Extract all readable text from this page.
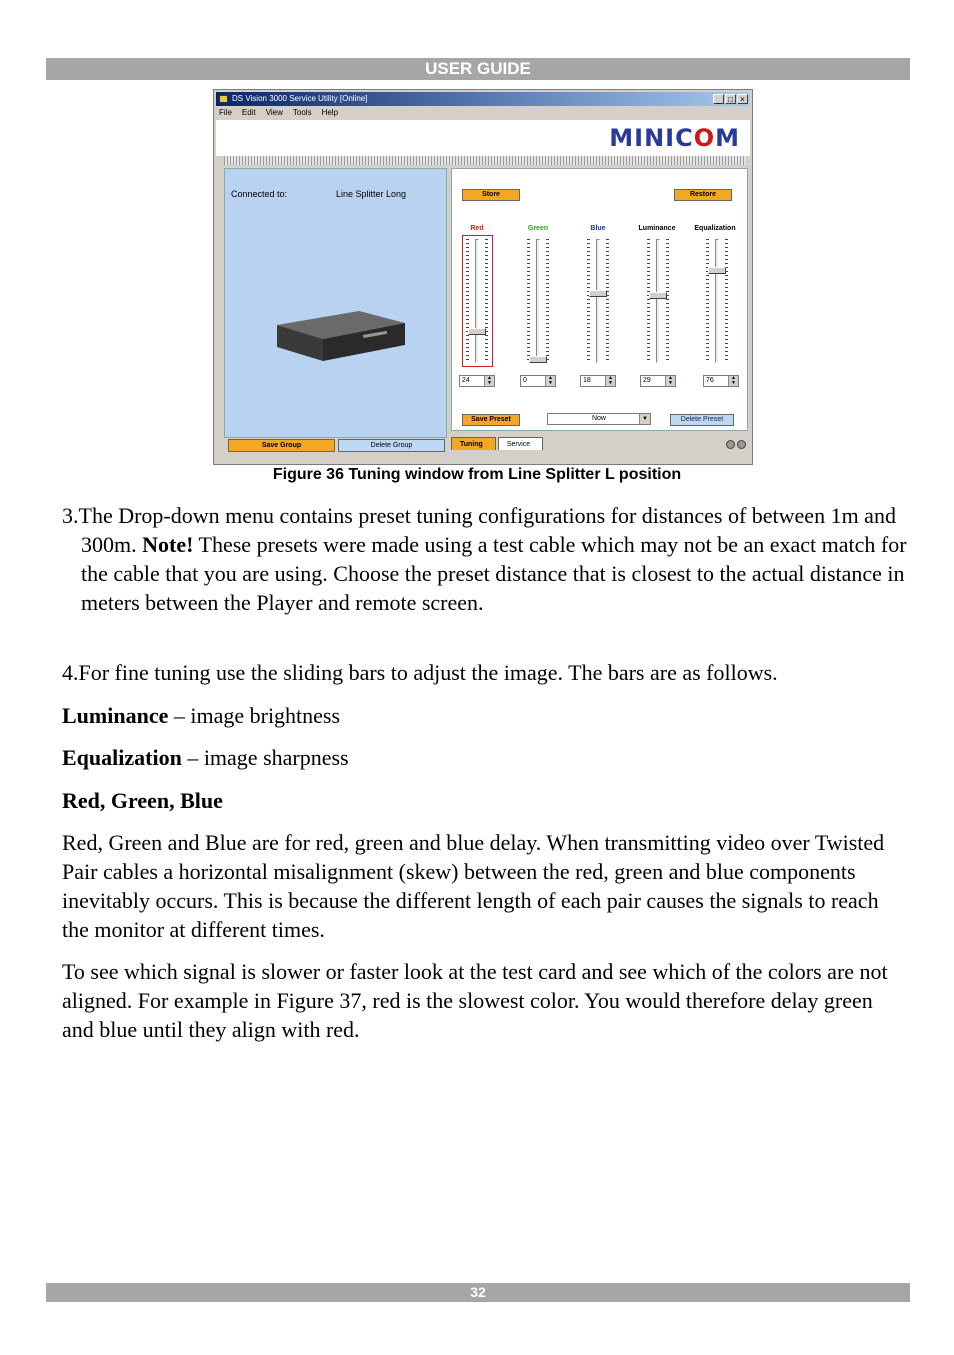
USER GUIDE
DS Vision 3000 Service Utility [Online]	_ □ ×
File Edit View Tools Help
MINICOM
Connected to:	Line Splitter Long	Store	Restore
Red	Green	Blue	Luminance	Equalization
24	▲
▼	0	▲
▼	18	▲
▼	29	▲
▼	76	▲
▼
Save Preset	Now	▼	Delete Preset
Save Group	Delete Group	Tuning	Service
Figure 36 Tuning window from Line Splitter L position

3.The Drop-down menu contains preset tuning configurations for distances of between 1m and 300m. Note! These presets were made using a test cable which may not be an exact match for the cable that you are using. Choose the preset distance that is closest to the actual distance in meters between the Player and remote screen.

4.For fine tuning use the sliding bars to adjust the image. The bars are as follows.

Luminance – image brightness

Equalization – image sharpness

Red, Green, Blue

Red, Green and Blue are for red, green and blue delay. When transmitting video over Twisted Pair cables a horizontal misalignment (skew) between the red, green and blue components inevitably occurs. This is because the different length of each pair causes the signals to reach the monitor at different times.

To see which signal is slower or faster look at the test card and see which of the colors are not aligned. For example in Figure 37, red is the slowest color. You would therefore delay green and blue until they align with red.

32
